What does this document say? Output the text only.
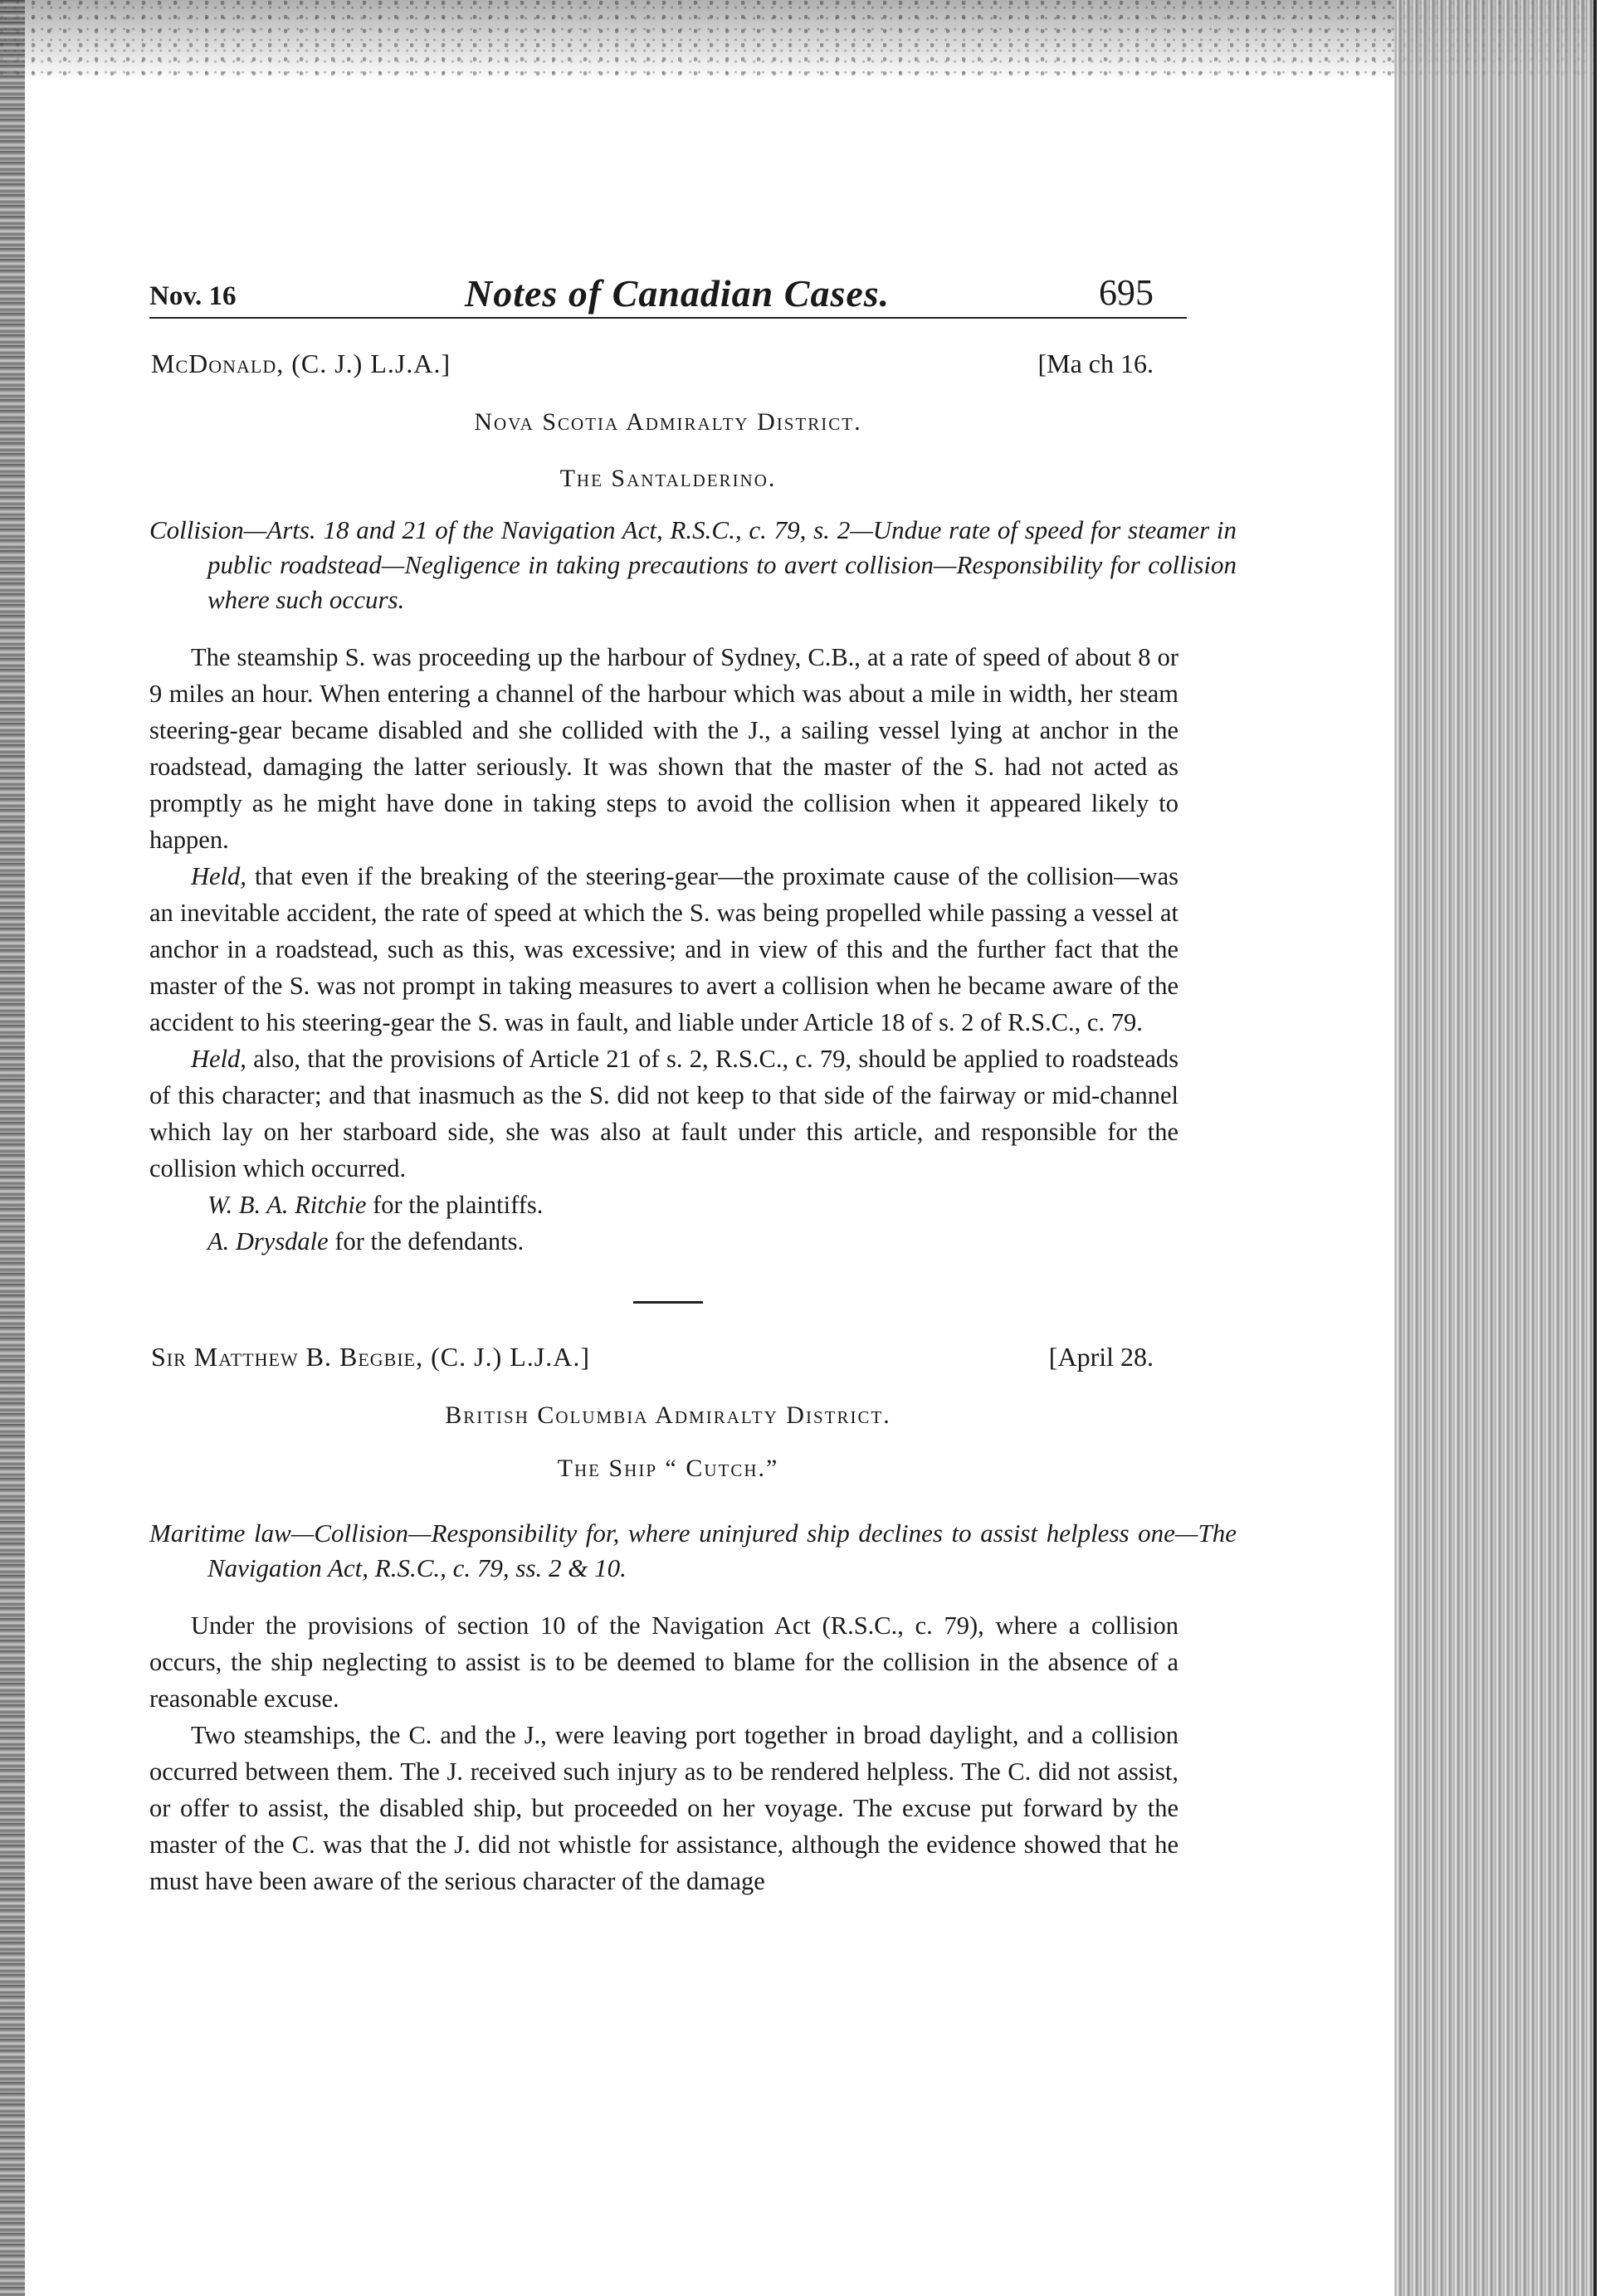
Nov. 16	Notes of Canadian Cases.	695
McDonald, (C. J.) L.J.A.]	[Ma ch 16.
Nova Scotia Admiralty District.
The Santalderino.
Collision—Arts. 18 and 21 of the Navigation Act, R.S.C., c. 79, s. 2—Undue rate of speed for steamer in public roadstead—Negligence in taking precautions to avert collision—Responsibility for collision where such occurs.

The steamship S. was proceeding up the harbour of Sydney, C.B., at a rate of speed of about 8 or 9 miles an hour. When entering a channel of the harbour which was about a mile in width, her steam steering-gear became disabled and she collided with the J., a sailing vessel lying at anchor in the roadstead, damaging the latter seriously. It was shown that the master of the S. had not acted as promptly as he might have done in taking steps to avoid the collision when it appeared likely to happen.

Held, that even if the breaking of the steering-gear—the proximate cause of the collision—was an inevitable accident, the rate of speed at which the S. was being propelled while passing a vessel at anchor in a roadstead, such as this, was excessive; and in view of this and the further fact that the master of the S. was not prompt in taking measures to avert a collision when he became aware of the accident to his steering-gear the S. was in fault, and liable under Article 18 of s. 2 of R.S.C., c. 79.

Held, also, that the provisions of Article 21 of s. 2, R.S.C., c. 79, should be applied to roadsteads of this character; and that inasmuch as the S. did not keep to that side of the fairway or mid-channel which lay on her starboard side, she was also at fault under this article, and responsible for the collision which occurred.

W. B. A. Ritchie for the plaintiffs.
A. Drysdale for the defendants.
Sir Matthew B. Begbie, (C. J.) L.J.A.]	[April 28.
British Columbia Admiralty District.
The Ship “ Cutch.”
Maritime law—Collision—Responsibility for, where uninjured ship declines to assist helpless one—The Navigation Act, R.S.C., c. 79, ss. 2 & 10.

Under the provisions of section 10 of the Navigation Act (R.S.C., c. 79), where a collision occurs, the ship neglecting to assist is to be deemed to blame for the collision in the absence of a reasonable excuse.

Two steamships, the C. and the J., were leaving port together in broad daylight, and a collision occurred between them. The J. received such injury as to be rendered helpless. The C. did not assist, or offer to assist, the disabled ship, but proceeded on her voyage. The excuse put forward by the master of the C. was that the J. did not whistle for assistance, although the evidence showed that he must have been aware of the serious character of the damage
